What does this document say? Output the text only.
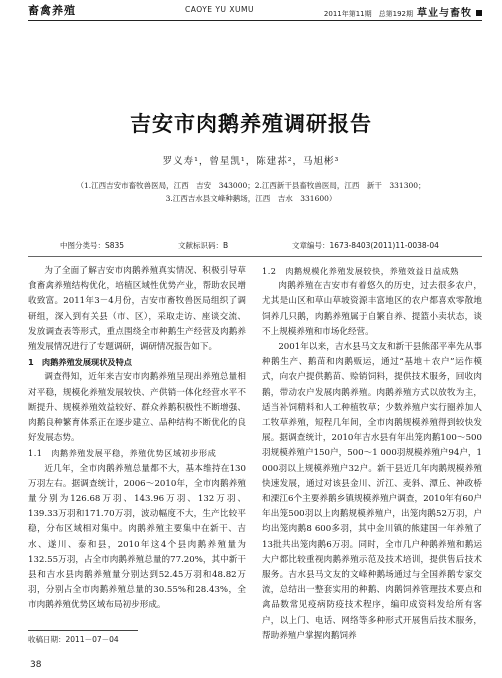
畜禽养殖	CAOYE YU XUMU	2011年第11期　总第192期 草业与畜牧
吉安市肉鹅养殖调研报告
罗义寿¹，曾星凯¹，陈建荪²，马旭彬³
（1.江西吉安市畜牧兽医局，江西　吉安　343000；2.江西新干县畜牧兽医局，江西　新干　331300；
3.江西吉水县文峰种鹅场，江西　吉水　331600）
中图分类号：S835	文献标识码：B	文章编号：1673-8403(2011)11-0038-04

为了全面了解吉安市肉鹅养殖真实情况、积极引导草食畜禽养殖结构优化，培植区域性优势产业，帮助农民增收致富。2011年3－4月份，吉安市畜牧兽医局组织了调研组，深入到有关县（市、区），采取走访、座谈交流、发放调查表等形式，重点围绕全市种鹅生产经营及肉鹅养殖发展情况进行了专题调研，调研情况报告如下。

1　肉鹅养殖发展现状及特点

调查得知，近年来吉安市肉鹅养殖呈现出养殖总量相对平稳，规模化养殖发展较快、产供销一体化经营水平不断提升、规模养殖效益较好、群众养鹅积极性不断增强、肉鹅良种繁育体系正在逐步建立、品种结构不断优化的良好发展态势。

1.1　肉鹅养殖发展平稳，养殖优势区域初步形成

近几年，全市肉鹅养殖总量都不大，基本维持在130万羽左右。据调查统计，2006～2010年，全市肉鹅养殖量分别为126.68万羽、143.96万羽、132万羽、139.33万羽和171.70万羽，波动幅度不大，生产比较平稳，分布区域相对集中。肉鹅养殖主要集中在新干、吉水、遂川、泰和县，2010年这4个县肉鹅养殖量为132.55万羽，占全市肉鹅养殖总量的77.20%，其中新干县和吉水县肉鹅养殖量分别达到52.45万羽和48.82万羽，分别占全市肉鹅养殖总量的30.55%和28.43%，全市肉鹅养殖优势区域布局初步形成。

1.2　肉鹅规模化养殖发展较快，养殖效益日益成熟

肉鹅养殖在吉安市有着悠久的历史，过去很多农户，尤其是山区和草山草坡资源丰富地区的农户都喜欢零散地饲养几只鹅，肉鹅养殖属于自繁自养、提篮小卖状态，谈不上规模养殖和市场化经营。

2001年以来，吉水县马文友和新干县熊邵平率先从事种鹅生产、鹅苗和肉鹅贩运，通过“基地＋农户”运作模式，向农户提供鹅苗、赊销饲料，提供技术服务，回收肉鹅，带动农户发展肉鹅养殖。肉鹅养殖方式以放牧为主，适当补饲精料和人工种植牧草；少数养殖户实行圈养加人工牧草养殖，短程几年间，全市肉鹅规模养殖得到较快发展。据调查统计，2010年吉水县有年出笼肉鹅100～500羽规模养殖户150户，500～1 000羽规模养殖户94户，1 000羽以上规模养殖户32户。新干县近几年肉鹅规模养殖快速发展，通过对该县金川、沂江、麦斜、潭丘、神政桥和溧江6个主要养鹅乡镇规模养殖户调查，2010年有60户年出笼500羽以上肉鹅规模养殖户，出笼肉鹅52万羽，户均出笼肉鹅8 600多羽，其中金川镇的熊建国一年养殖了13批共出笼肉鹅6万羽。同时，全市几户种鹅养殖和鹅运大户都比较重视肉鹅养殖示范及技术培训，提供售后技术服务。吉水县马文友的文峰种鹅场通过与全国养鹅专家交流，总结出一整套实用的种鹅、肉鹅饲养管理技术要点和禽品数常见疫病防疫技术程序，编印成资料发给所有客户，以上门、电话、网络等多种形式开展售后技术服务，帮助养殖户掌握肉鹅饲养

收稿日期：2011－07－04
38
